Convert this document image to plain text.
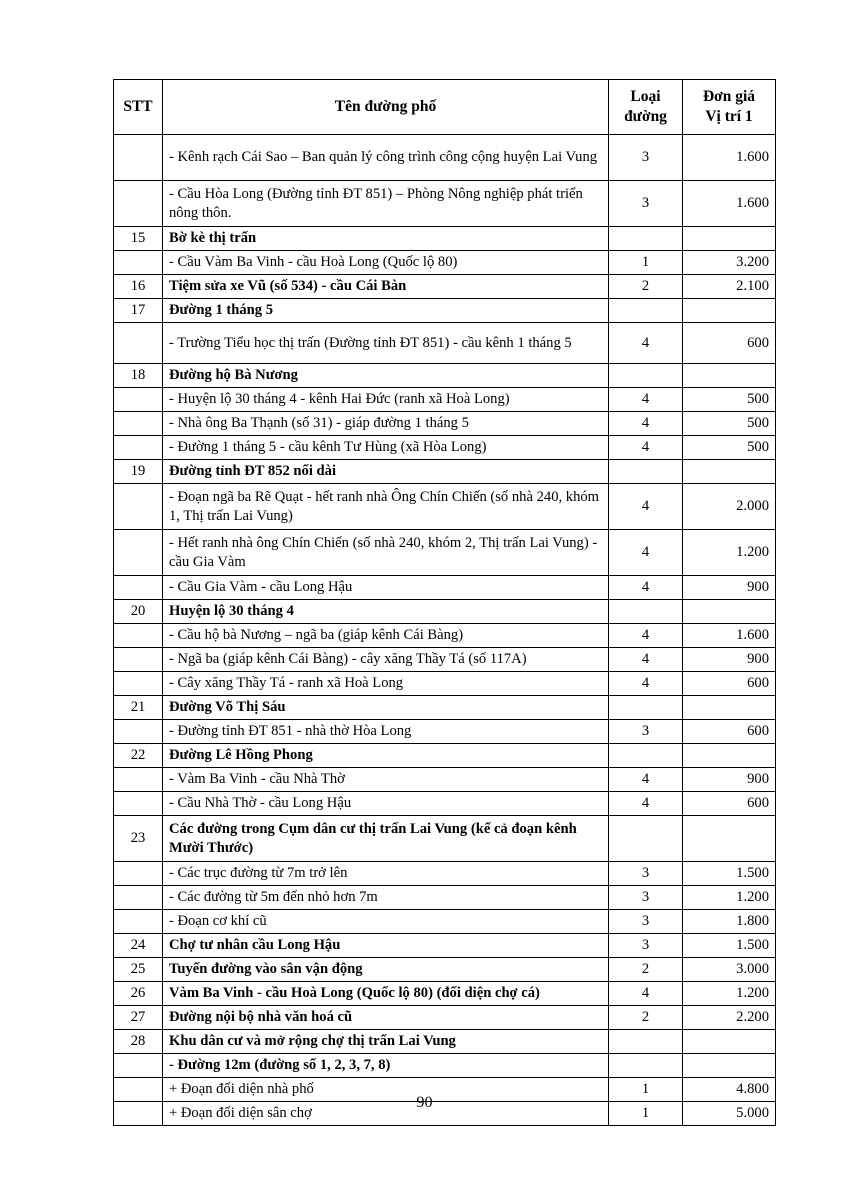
STT	Tên đường phố	Loại đường	Đơn giá Vị trí 1
	- Kênh rạch Cái Sao – Ban quản lý công trình công cộng huyện Lai Vung	3	1.600
	- Cầu Hòa Long (Đường tỉnh ĐT 851) – Phòng Nông nghiệp phát triển nông thôn.	3	1.600
15	Bờ kè thị trấn		
	- Cầu Vàm Ba Vinh - cầu Hoà Long (Quốc lộ 80)	1	3.200
16	Tiệm sửa xe Vũ (số 534) - cầu Cái Bàn	2	2.100
17	Đường 1 tháng 5		
	- Trường Tiểu học thị trấn (Đường tỉnh ĐT 851) - cầu kênh 1 tháng 5	4	600
18	Đường hộ Bà Nương		
	- Huyện lộ 30 tháng 4 - kênh Hai Đức (ranh xã Hoà Long)	4	500
	- Nhà ông Ba Thạnh (số 31) - giáp đường 1 tháng 5	4	500
	- Đường 1 tháng 5 - cầu kênh Tư Hùng (xã Hòa Long)	4	500
19	Đường tỉnh ĐT 852 nối dài		
	- Đoạn ngã ba Rẽ Quạt - hết ranh nhà Ông Chín Chiến (số nhà 240, khóm 1, Thị trấn Lai Vung)	4	2.000
	- Hết ranh nhà ông Chín Chiến (số nhà 240, khóm 2, Thị trấn Lai Vung) - cầu Gia Vàm	4	1.200
	- Cầu Gia Vàm - cầu Long Hậu	4	900
20	Huyện lộ 30 tháng 4		
	- Cầu hộ bà Nương – ngã ba (giáp kênh Cái Bàng)	4	1.600
	- Ngã ba (giáp kênh Cái Bàng) - cây xăng Thầy Tá (số 117A)	4	900
	- Cây xăng Thầy Tá - ranh xã Hoà Long	4	600
21	Đường Võ Thị Sáu		
	- Đường tỉnh ĐT 851 - nhà thờ Hòa Long	3	600
22	Đường Lê Hồng Phong		
	- Vàm Ba Vinh - cầu Nhà Thờ	4	900
	- Cầu Nhà Thờ - cầu Long Hậu	4	600
23	Các đường trong Cụm dân cư thị trấn Lai Vung (kể cả đoạn kênh Mười Thước)		
	- Các trục đường từ 7m trở lên	3	1.500
	- Các đường từ 5m đến nhỏ hơn 7m	3	1.200
	- Đoạn cơ khí cũ	3	1.800
24	Chợ tư nhân cầu Long Hậu	3	1.500
25	Tuyến đường vào sân vận động	2	3.000
26	Vàm Ba Vinh - cầu Hoà Long (Quốc lộ 80) (đối diện chợ cá)	4	1.200
27	Đường nội bộ nhà văn hoá cũ	2	2.200
28	Khu dân cư và mở rộng chợ thị trấn Lai Vung		
	- Đường 12m (đường số 1, 2, 3, 7, 8)		
	+ Đoạn đối diện nhà phố	1	4.800
	+ Đoạn đối diện sân chợ	1	5.000
90
